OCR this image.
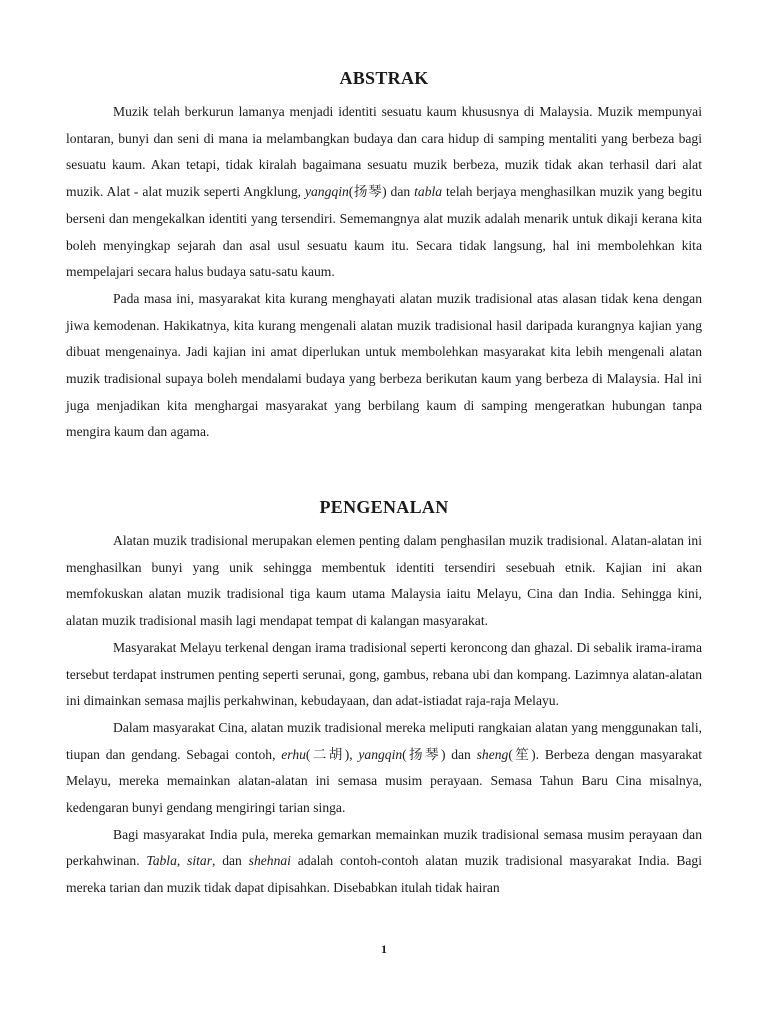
ABSTRAK

Muzik telah berkurun lamanya menjadi identiti sesuatu kaum khususnya di Malaysia. Muzik mempunyai lontaran, bunyi dan seni di mana ia melambangkan budaya dan cara hidup di samping mentaliti yang berbeza bagi sesuatu kaum. Akan tetapi, tidak kiralah bagaimana sesuatu muzik berbeza, muzik tidak akan terhasil dari alat muzik. Alat - alat muzik seperti Angklung, yangqin(扬琴) dan tabla telah berjaya menghasilkan muzik yang begitu berseni dan mengekalkan identiti yang tersendiri. Sememangnya alat muzik adalah menarik untuk dikaji kerana kita boleh menyingkap sejarah dan asal usul sesuatu kaum itu. Secara tidak langsung, hal ini membolehkan kita mempelajari secara halus budaya satu-satu kaum.

Pada masa ini, masyarakat kita kurang menghayati alatan muzik tradisional atas alasan tidak kena dengan jiwa kemodenan. Hakikatnya, kita kurang mengenali alatan muzik tradisional hasil daripada kurangnya kajian yang dibuat mengenainya. Jadi kajian ini amat diperlukan untuk membolehkan masyarakat kita lebih mengenali alatan muzik tradisional supaya boleh mendalami budaya yang berbeza berikutan kaum yang berbeza di Malaysia. Hal ini juga menjadikan kita menghargai masyarakat yang berbilang kaum di samping mengeratkan hubungan tanpa mengira kaum dan agama.

PENGENALAN

Alatan muzik tradisional merupakan elemen penting dalam penghasilan muzik tradisional. Alatan-alatan ini menghasilkan bunyi yang unik sehingga membentuk identiti tersendiri sesebuah etnik. Kajian ini akan memfokuskan alatan muzik tradisional tiga kaum utama Malaysia iaitu Melayu, Cina dan India. Sehingga kini, alatan muzik tradisional masih lagi mendapat tempat di kalangan masyarakat.

Masyarakat Melayu terkenal dengan irama tradisional seperti keroncong dan ghazal. Di sebalik irama-irama tersebut terdapat instrumen penting seperti serunai, gong, gambus, rebana ubi dan kompang. Lazimnya alatan-alatan ini dimainkan semasa majlis perkahwinan, kebudayaan, dan adat-istiadat raja-raja Melayu.

Dalam masyarakat Cina, alatan muzik tradisional mereka meliputi rangkaian alatan yang menggunakan tali, tiupan dan gendang. Sebagai contoh, erhu(二胡), yangqin(扬琴) dan sheng(笙). Berbeza dengan masyarakat Melayu, mereka memainkan alatan-alatan ini semasa musim perayaan. Semasa Tahun Baru Cina misalnya, kedengaran bunyi gendang mengiringi tarian singa.

Bagi masyarakat India pula, mereka gemarkan memainkan muzik tradisional semasa musim perayaan dan perkahwinan. Tabla, sitar, dan shehnai adalah contoh-contoh alatan muzik tradisional masyarakat India. Bagi mereka tarian dan muzik tidak dapat dipisahkan. Disebabkan itulah tidak hairan

1
